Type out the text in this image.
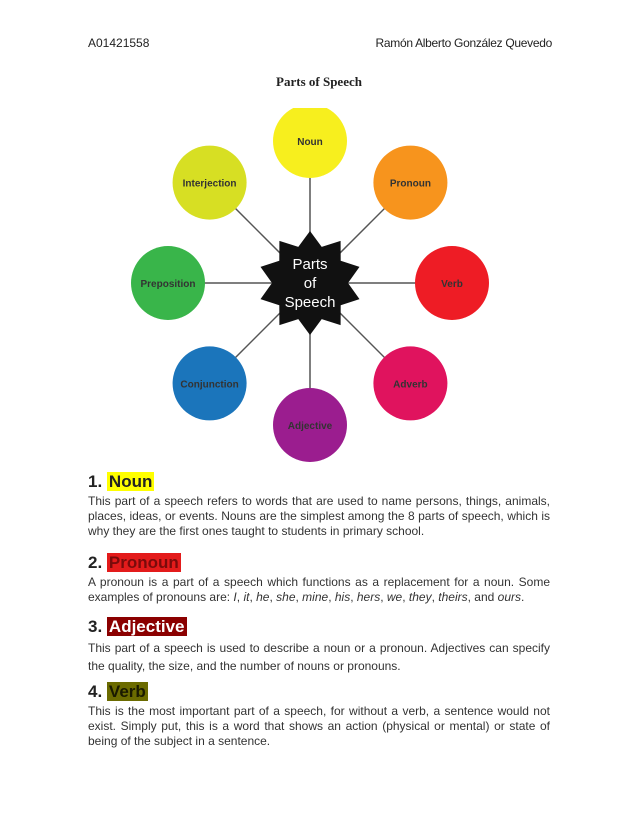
A01421558	Ramón Alberto González Quevedo
Parts of Speech
Parts of Speech
Noun
Pronoun
Verb
Adverb
Adjective
Conjunction
Preposition
Interjection

1. Noun

This part of a speech refers to words that are used to name persons, things, animals, places, ideas, or events. Nouns are the simplest among the 8 parts of speech, which is why they are the first ones taught to students in primary school.

2. Pronoun

A pronoun is a part of a speech which functions as a replacement for a noun. Some examples of pronouns are: I, it, he, she, mine, his, hers, we, they, theirs, and ours.

3. Adjective

This part of a speech is used to describe a noun or a pronoun. Adjectives can specify the quality, the size, and the number of nouns or pronouns.

4. Verb

This is the most important part of a speech, for without a verb, a sentence would not exist. Simply put, this is a word that shows an action (physical or mental) or state of being of the subject in a sentence.
